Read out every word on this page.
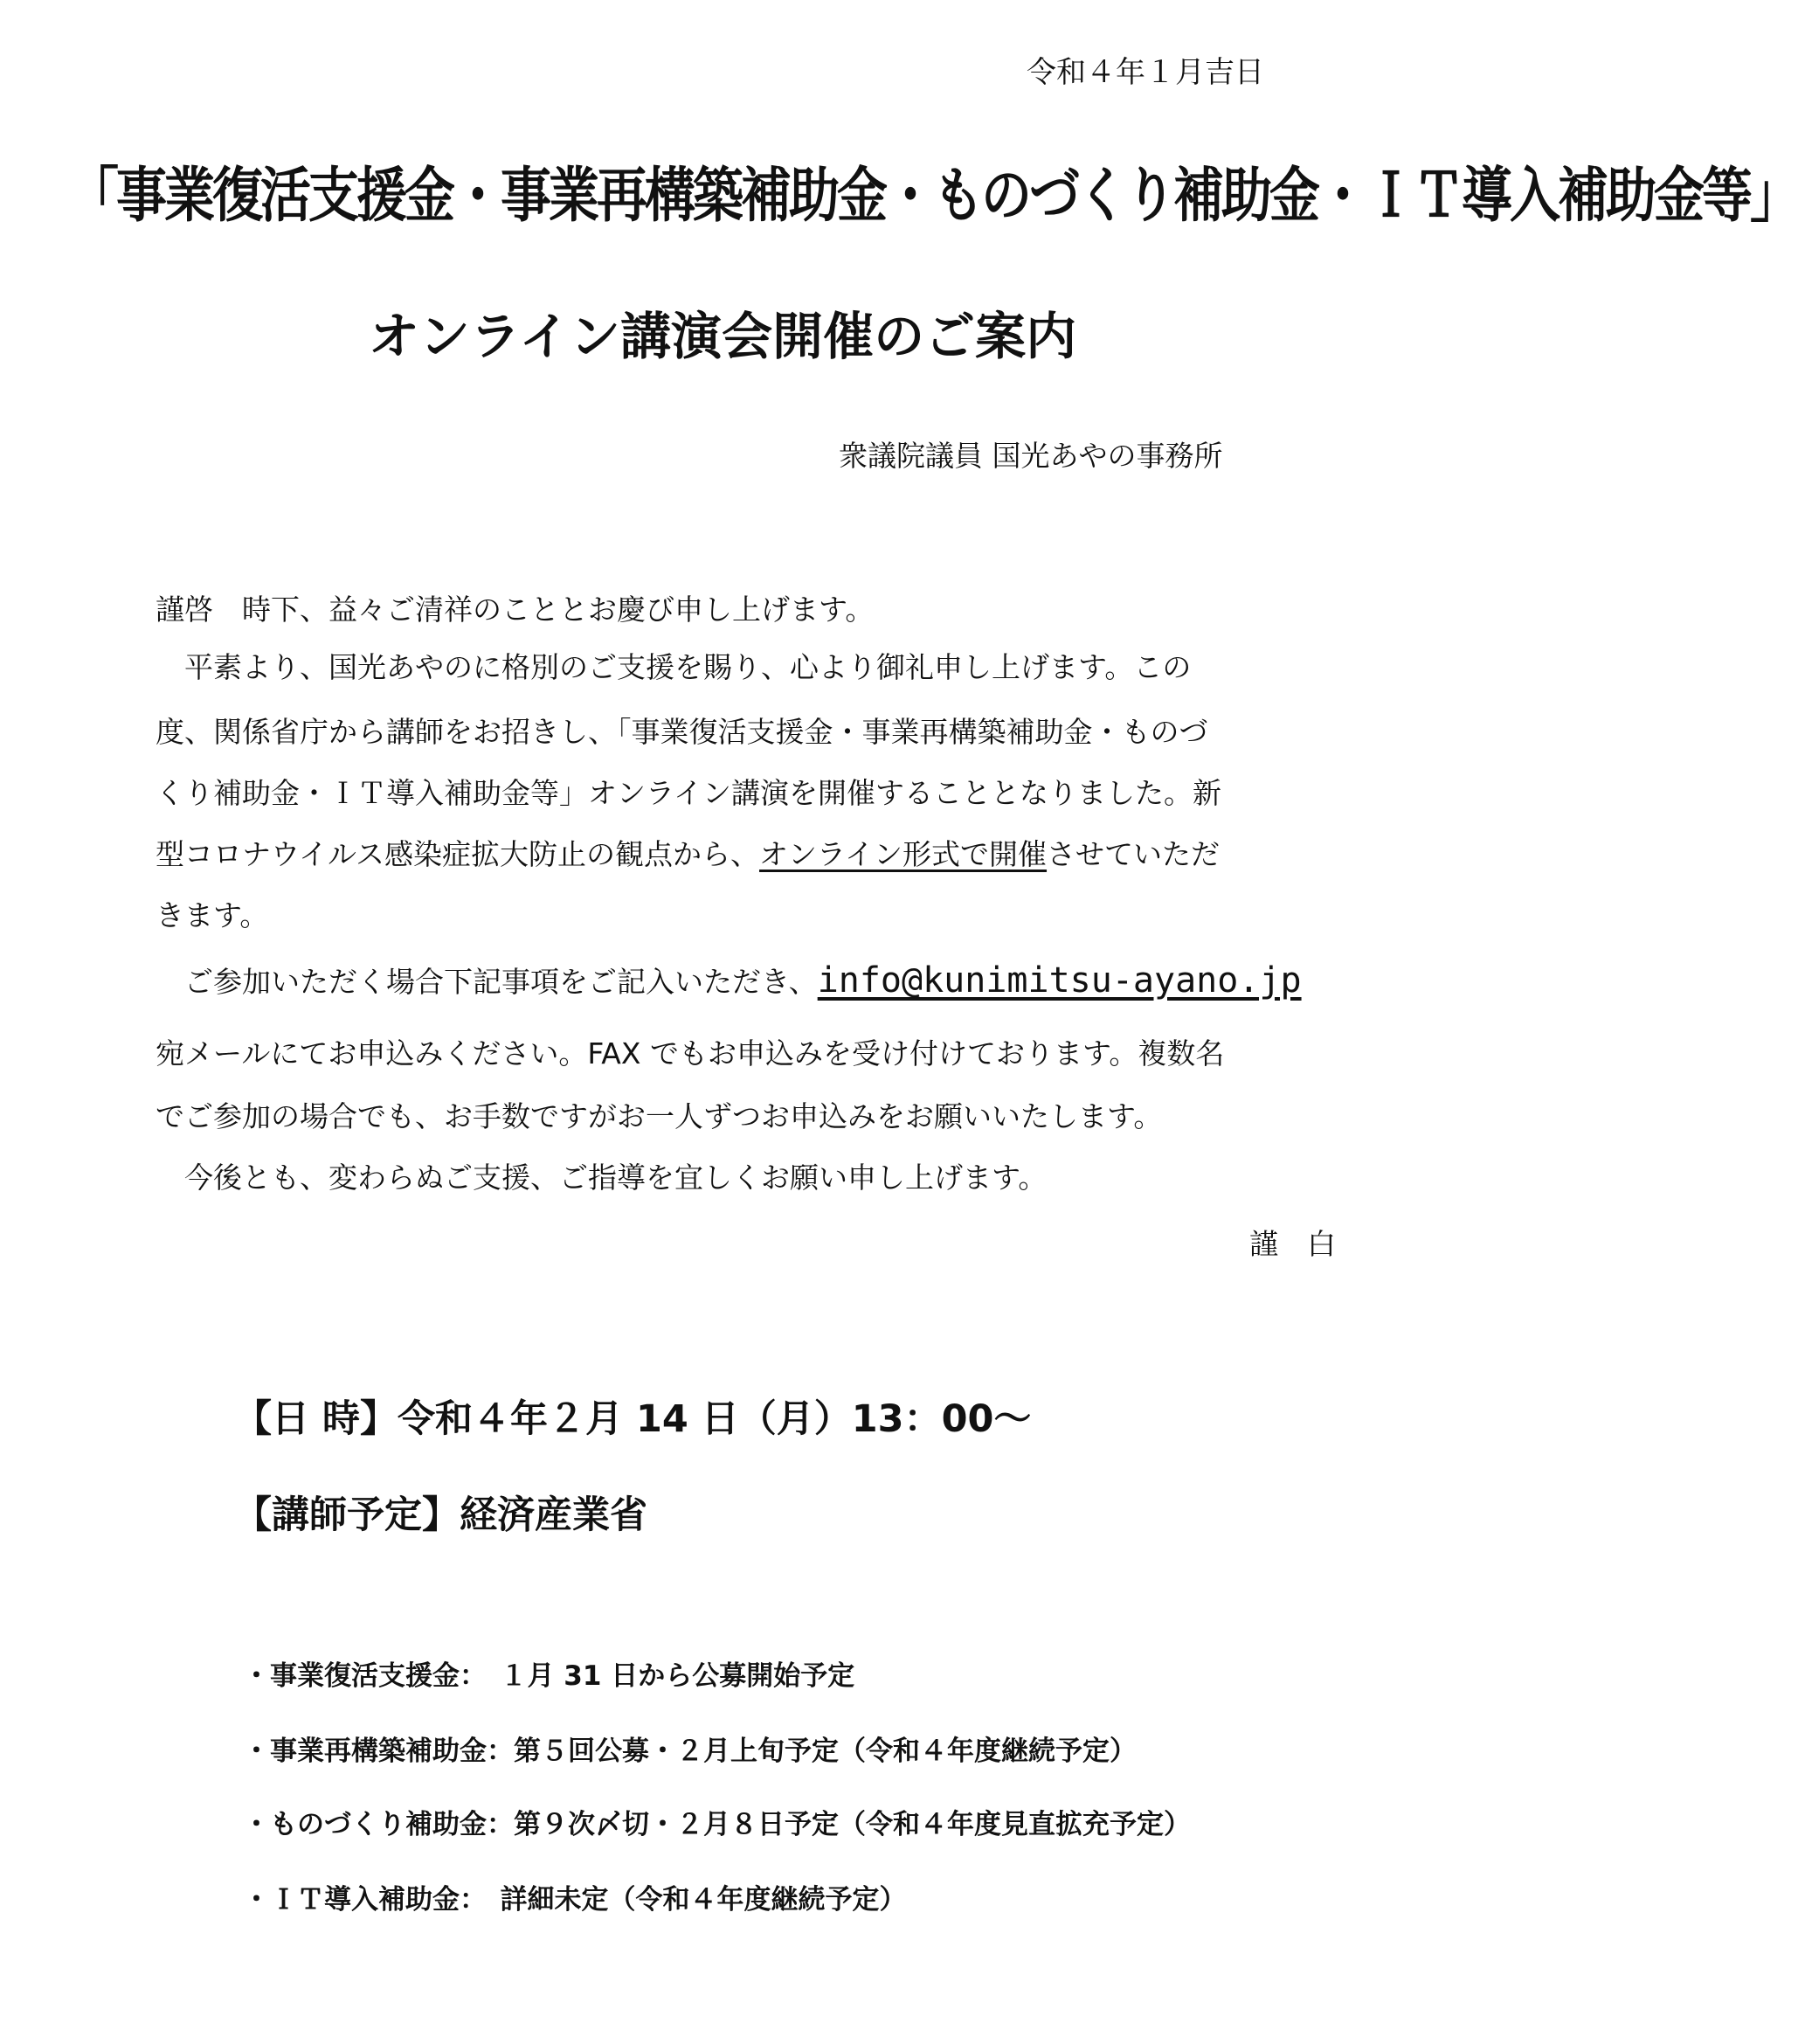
令和４年１月吉日
「事業復活支援金・事業再構築補助金・ものづくり補助金・ＩＴ導入補助金等」
オンライン講演会開催のご案内
衆議院議員 国光あやの事務所
謹啓　時下、益々ご清祥のこととお慶び申し上げます。
　平素より、国光あやのに格別のご支援を賜り、心より御礼申し上げます。この
度、関係省庁から講師をお招きし、「事業復活支援金・事業再構築補助金・ものづ
くり補助金・ＩＴ導入補助金等」オンライン講演を開催することとなりました。新
型コロナウイルス感染症拡大防止の観点から、オンライン形式で開催させていただ
きます。
　ご参加いただく場合下記事項をご記入いただき、info@kunimitsu-ayano.jp
宛メールにてお申込みください。FAX でもお申込みを受け付けております。複数名
でご参加の場合でも、お手数ですがお一人ずつお申込みをお願いいたします。
　今後とも、変わらぬご支援、ご指導を宜しくお願い申し上げます。
謹　白
【日 時】令和４年２月 14 日（月）13：00～
【講師予定】経済産業省
・事業復活支援金：　１月 31 日から公募開始予定
・事業再構築補助金：第５回公募・２月上旬予定（令和４年度継続予定）
・ものづくり補助金：第９次〆切・２月８日予定（令和４年度見直拡充予定）
・ＩＴ導入補助金：　詳細未定（令和４年度継続予定）
